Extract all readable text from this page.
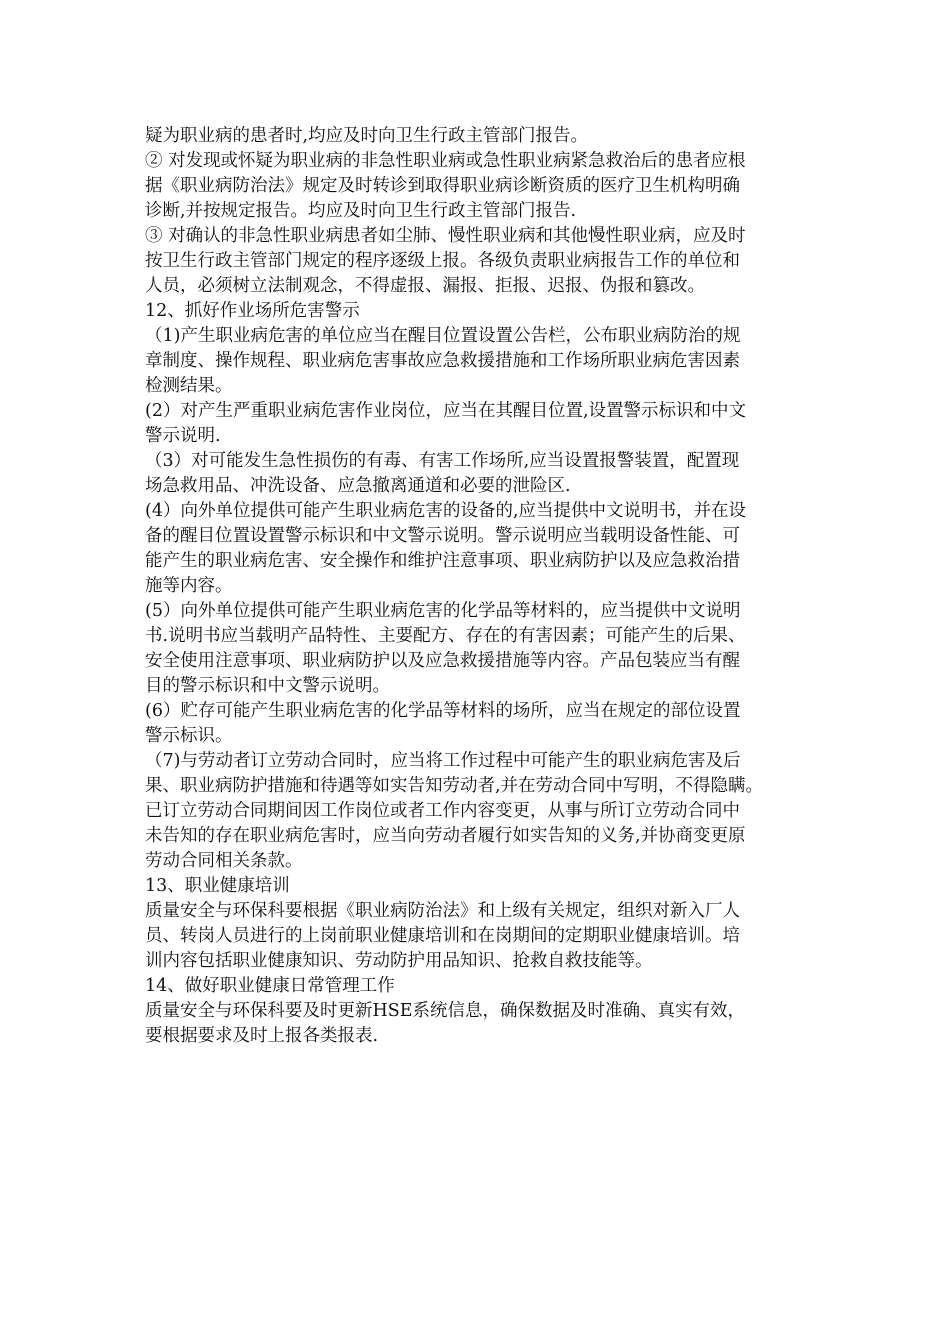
疑为职业病的患者时,均应及时向卫生行政主管部门报告。
② 对发现或怀疑为职业病的非急性职业病或急性职业病紧急救治后的患者应根
据《职业病防治法》规定及时转诊到取得职业病诊断资质的医疗卫生机构明确
诊断,并按规定报告。均应及时向卫生行政主管部门报告.
③ 对确认的非急性职业病患者如尘肺、慢性职业病和其他慢性职业病，应及时
按卫生行政主管部门规定的程序逐级上报。各级负责职业病报告工作的单位和
人员，必须树立法制观念，不得虚报、漏报、拒报、迟报、伪报和篡改。
12、抓好作业场所危害警示
（1)产生职业病危害的单位应当在醒目位置设置公告栏，公布职业病防治的规
章制度、操作规程、职业病危害事故应急救援措施和工作场所职业病危害因素
检测结果。
(2）对产生严重职业病危害作业岗位，应当在其醒目位置,设置警示标识和中文
警示说明.
（3）对可能发生急性损伤的有毒、有害工作场所,应当设置报警装置，配置现
场急救用品、冲洗设备、应急撤离通道和必要的泄险区.
(4）向外单位提供可能产生职业病危害的设备的,应当提供中文说明书，并在设
备的醒目位置设置警示标识和中文警示说明。警示说明应当载明设备性能、可
能产生的职业病危害、安全操作和维护注意事项、职业病防护以及应急救治措
施等内容。
(5）向外单位提供可能产生职业病危害的化学品等材料的，应当提供中文说明
书.说明书应当载明产品特性、主要配方、存在的有害因素；可能产生的后果、
安全使用注意事项、职业病防护以及应急救援措施等内容。产品包装应当有醒
目的警示标识和中文警示说明。
(6）贮存可能产生职业病危害的化学品等材料的场所，应当在规定的部位设置
警示标识。
（7)与劳动者订立劳动合同时，应当将工作过程中可能产生的职业病危害及后
果、职业病防护措施和待遇等如实告知劳动者,并在劳动合同中写明，不得隐瞒。
已订立劳动合同期间因工作岗位或者工作内容变更，从事与所订立劳动合同中
未告知的存在职业病危害时，应当向劳动者履行如实告知的义务,并协商变更原
劳动合同相关条款。
13、职业健康培训
质量安全与环保科要根据《职业病防治法》和上级有关规定，组织对新入厂人
员、转岗人员进行的上岗前职业健康培训和在岗期间的定期职业健康培训。培
训内容包括职业健康知识、劳动防护用品知识、抢救自救技能等。
14、做好职业健康日常管理工作
质量安全与环保科要及时更新HSE系统信息，确保数据及时准确、真实有效，
要根据要求及时上报各类报表.
